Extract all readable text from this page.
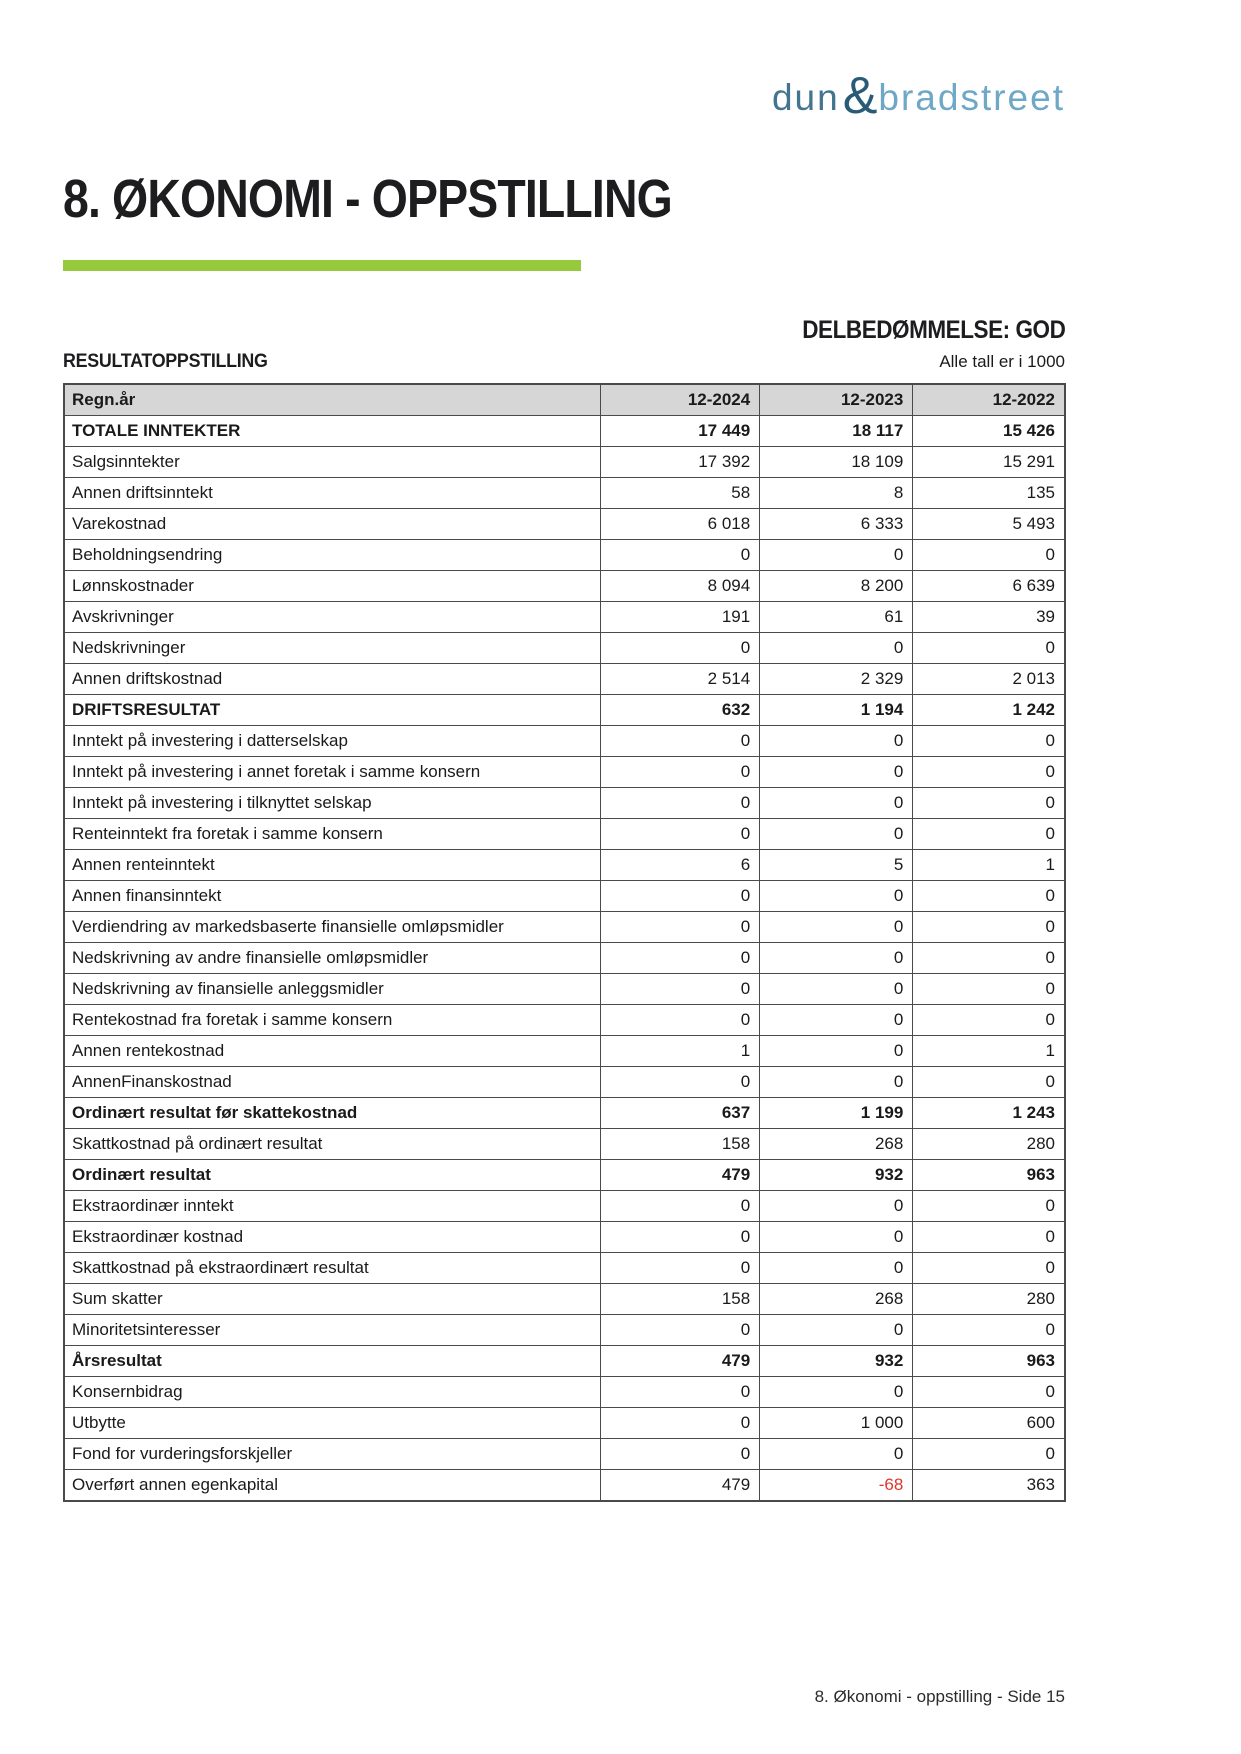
dun & bradstreet
8. ØKONOMI - OPPSTILLING
DELBEDØMMELSE: GOD
RESULTATOPPSTILLING	Alle tall er i 1000
Regn.år	12-2024	12-2023	12-2022
TOTALE INNTEKTER	17 449	18 117	15 426
Salgsinntekter	17 392	18 109	15 291
Annen driftsinntekt	58	8	135
Varekostnad	6 018	6 333	5 493
Beholdningsendring	0	0	0
Lønnskostnader	8 094	8 200	6 639
Avskrivninger	191	61	39
Nedskrivninger	0	0	0
Annen driftskostnad	2 514	2 329	2 013
DRIFTSRESULTAT	632	1 194	1 242
Inntekt på investering i datterselskap	0	0	0
Inntekt på investering i annet foretak i samme konsern	0	0	0
Inntekt på investering i tilknyttet selskap	0	0	0
Renteinntekt fra foretak i samme konsern	0	0	0
Annen renteinntekt	6	5	1
Annen finansinntekt	0	0	0
Verdiendring av markedsbaserte finansielle omløpsmidler	0	0	0
Nedskrivning av andre finansielle omløpsmidler	0	0	0
Nedskrivning av finansielle anleggsmidler	0	0	0
Rentekostnad fra foretak i samme konsern	0	0	0
Annen rentekostnad	1	0	1
AnnenFinanskostnad	0	0	0
Ordinært resultat før skattekostnad	637	1 199	1 243
Skattkostnad på ordinært resultat	158	268	280
Ordinært resultat	479	932	963
Ekstraordinær inntekt	0	0	0
Ekstraordinær kostnad	0	0	0
Skattkostnad på ekstraordinært resultat	0	0	0
Sum skatter	158	268	280
Minoritetsinteresser	0	0	0
Årsresultat	479	932	963
Konsernbidrag	0	0	0
Utbytte	0	1 000	600
Fond for vurderingsforskjeller	0	0	0
Overført annen egenkapital	479	-68	363
8. Økonomi - oppstilling - Side 15
